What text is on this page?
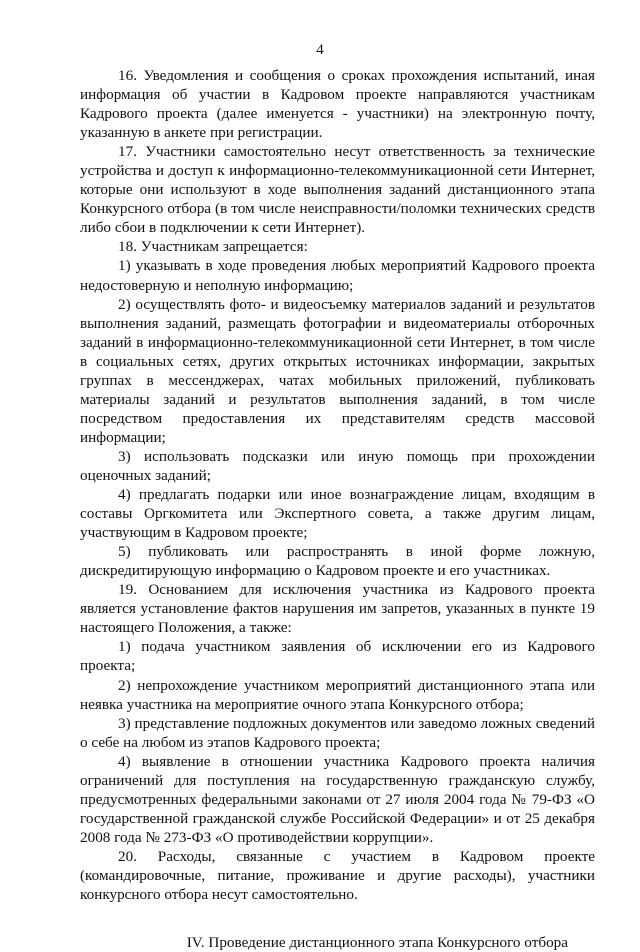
4

16. Уведомления и сообщения о сроках прохождения испытаний, иная информация об участии в Кадровом проекте направляются участникам Кадрового проекта (далее именуется - участники) на электронную почту, указанную в анкете при регистрации.

17. Участники самостоятельно несут ответственность за технические устройства и доступ к информационно-телекоммуникационной сети Интернет, которые они используют в ходе выполнения заданий дистанционного этапа Конкурсного отбора (в том числе неисправности/поломки технических средств либо сбои в подключении к сети Интернет).

18. Участникам запрещается:

1) указывать в ходе проведения любых мероприятий Кадрового проекта недостоверную и неполную информацию;

2) осуществлять фото- и видеосъемку материалов заданий и результатов выполнения заданий, размещать фотографии и видеоматериалы отборочных заданий в информационно-телекоммуникационной сети Интернет, в том числе в социальных сетях, других открытых источниках информации, закрытых группах в мессенджерах, чатах мобильных приложений, публиковать материалы заданий и результатов выполнения заданий, в том числе посредством предоставления их представителям средств массовой информации;

3) использовать подсказки или иную помощь при прохождении оценочных заданий;

4) предлагать подарки или иное вознаграждение лицам, входящим в составы Оргкомитета или Экспертного совета, а также другим лицам, участвующим в Кадровом проекте;

5) публиковать или распространять в иной форме ложную, дискредитирующую информацию о Кадровом проекте и его участниках.

19. Основанием для исключения участника из Кадрового проекта является установление фактов нарушения им запретов, указанных в пункте 19 настоящего Положения, а также:

1) подача участником заявления об исключении его из Кадрового проекта;

2) непрохождение участником мероприятий дистанционного этапа или неявка участника на мероприятие очного этапа Конкурсного отбора;

3) представление подложных документов или заведомо ложных сведений о себе на любом из этапов Кадрового проекта;

4) выявление в отношении участника Кадрового проекта наличия ограничений для поступления на государственную гражданскую службу, предусмотренных федеральными законами от 27 июля 2004 года № 79-ФЗ «О государственной гражданской службе Российской Федерации» и от 25 декабря 2008 года № 273-ФЗ «О противодействии коррупции».

20. Расходы, связанные с участием в Кадровом проекте (командировочные, питание, проживание и другие расходы), участники конкурсного отбора несут самостоятельно.

IV. Проведение дистанционного этапа Конкурсного отбора
